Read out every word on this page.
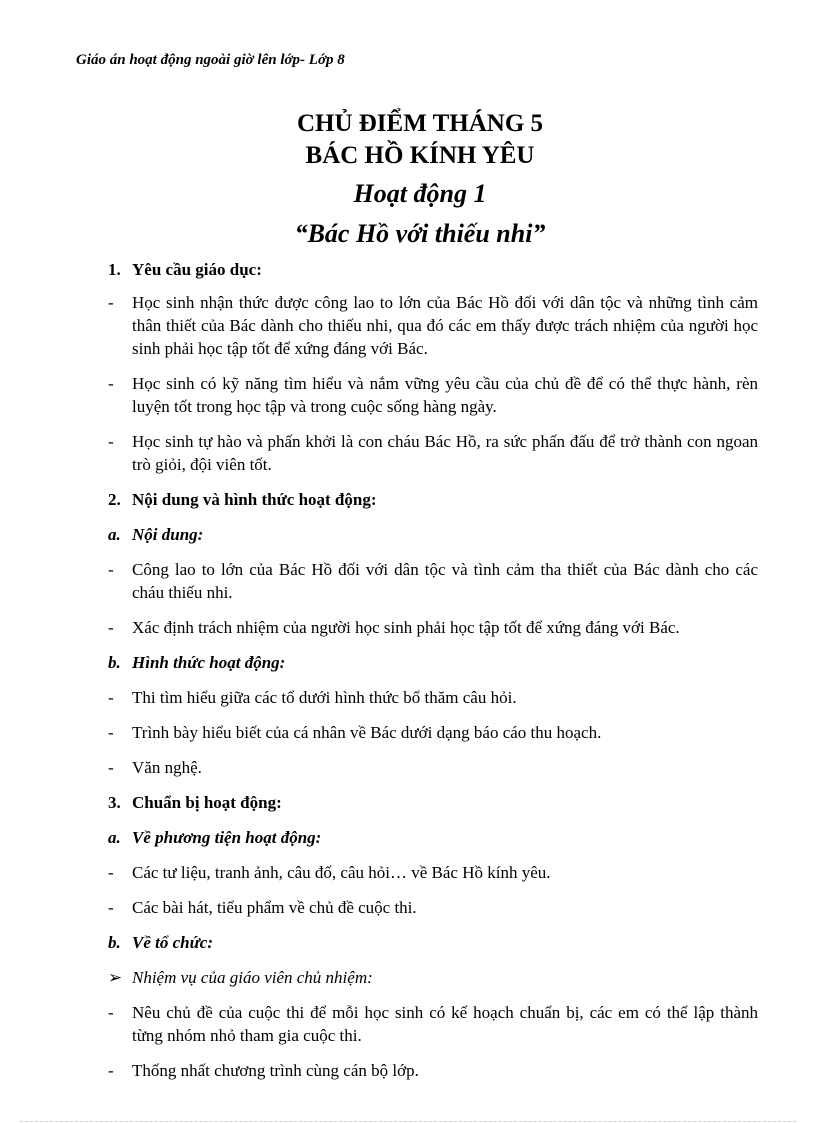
Giáo án hoạt động ngoài giờ lên lớp- Lớp 8
CHỦ ĐIỂM THÁNG 5
BÁC HỒ KÍNH YÊU
Hoạt động 1
“Bác Hồ với thiếu nhi”

1. Yêu cầu giáo dục:

- Học sinh nhận thức được công lao to lớn của Bác Hồ đối với dân tộc và những tình cảm thân thiết của Bác dành cho thiếu nhi, qua đó các em thấy được trách nhiệm của người học sinh phải học tập tốt để xứng đáng với Bác.

- Học sinh có kỹ năng tìm hiểu và nắm vững yêu cầu của chủ đề để có thể thực hành, rèn luyện tốt trong học tập và trong cuộc sống hàng ngày.

- Học sinh tự hào và phấn khởi là con cháu Bác Hồ, ra sức phấn đấu để trở thành con ngoan trò giỏi, đội viên tốt.

2. Nội dung và hình thức hoạt động:

a. Nội dung:

- Công lao to lớn của Bác Hồ đối với dân tộc và tình cảm tha thiết của Bác dành cho các cháu thiếu nhi.

- Xác định trách nhiệm của người học sinh phải học tập tốt để xứng đáng với Bác.

b. Hình thức hoạt động:

- Thi tìm hiểu giữa các tổ dưới hình thức bổ thăm câu hỏi.

- Trình bày hiểu biết của cá nhân về Bác dưới dạng báo cáo thu hoạch.

- Văn nghệ.

3. Chuẩn bị hoạt động:

a. Về phương tiện hoạt động:

- Các tư liệu, tranh ảnh, câu đố, câu hỏi… về Bác Hồ kính yêu.

- Các bài hát, tiểu phẩm về chủ đề cuộc thi.

b. Về tổ chức:

➢ Nhiệm vụ của giáo viên chủ nhiệm:

- Nêu chủ đề của cuộc thi để mỗi học sinh có kế hoạch chuẩn bị, các em có thể lập thành từng nhóm nhỏ tham gia cuộc thi.

- Thống nhất chương trình cùng cán bộ lớp.
